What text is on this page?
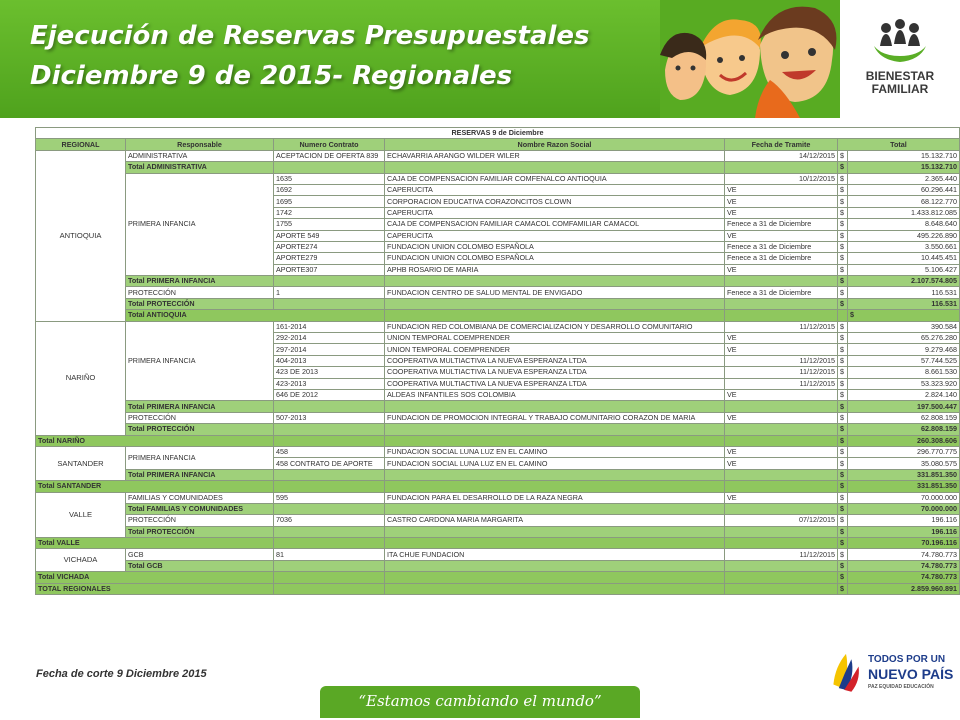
Ejecución de Reservas Presupuestales
Diciembre 9 de 2015- Regionales	BIENESTAR
FAMILIAR
RESERVAS 9 de Diciembre							
REGIONAL	Responsable	Numero Contrato	Nombre Razon Social	Fecha de Tramite	Total		
ANTIOQUIA	ADMINISTRATIVA	ACEPTACION DE OFERTA 839	ECHAVARRIA ARANGO WILDER WILER	14/12/2015	$	15.132.710	
	Total ADMINISTRATIVA				$	15.132.710	
	PRIMERA INFANCIA	1635	CAJA DE COMPENSACION FAMILIAR COMFENALCO ANTIOQUIA	10/12/2015	$	2.365.440	
		1692	CAPERUCITA	VE	$	60.296.441	
		1695	CORPORACION EDUCATIVA CORAZONCITOS CLOWN	VE	$	68.122.770	
		1742	CAPERUCITA	VE	$	1.433.812.085	
		1755	CAJA DE COMPENSACION FAMILIAR CAMACOL COMFAMILIAR CAMACOL	Fenece a 31 de Diciembre	$	8.648.640	
		APORTE 549	CAPERUCITA	VE	$	495.226.890	
		APORTE274	FUNDACION UNION COLOMBO ESPAÑOLA	Fenece a 31 de Diciembre	$	3.550.661	
		APORTE279	FUNDACION UNION COLOMBO ESPAÑOLA	Fenece a 31 de Diciembre	$	10.445.451	
		APORTE307	APHB ROSARIO DE MARIA	VE	$	5.106.427	
	Total PRIMERA INFANCIA				$	2.107.574.805	
	PROTECCIÓN	1	FUNDACION CENTRO DE SALUD MENTAL DE ENVIGADO	Fenece a 31 de Diciembre	$	116.531	
	Total PROTECCIÓN				$	116.531	
	Total ANTIOQUIA					$	
NARIÑO	PRIMERA INFANCIA	161-2014	FUNDACION RED COLOMBIANA DE COMERCIALIZACION Y DESARROLLO COMUNITARIO	11/12/2015	$	390.584	
		292-2014	UNION TEMPORAL COEMPRENDER	VE	$	65.276.280	
		297-2014	UNION TEMPORAL COEMPRENDER	VE	$	9.279.468	
		404-2013	COOPERATIVA MULTIACTIVA LA NUEVA ESPERANZA LTDA	11/12/2015	$	57.744.525	
		423 DE 2013	COOPERATIVA MULTIACTIVA LA NUEVA ESPERANZA LTDA	11/12/2015	$	8.661.530	
		423-2013	COOPERATIVA MULTIACTIVA LA NUEVA ESPERANZA LTDA	11/12/2015	$	53.323.920	
		646 DE 2012	ALDEAS INFANTILES SOS COLOMBIA	VE	$	2.824.140	
	Total PRIMERA INFANCIA				$	197.500.447	
	PROTECCIÓN	507-2013	FUNDACION DE PROMOCION INTEGRAL Y TRABAJO COMUNITARIO CORAZON DE MARIA	VE	$	62.808.159	
	Total PROTECCIÓN				$	62.808.159	
Total NARIÑO					$	260.308.606	
SANTANDER	PRIMERA INFANCIA	458	FUNDACION SOCIAL LUNA LUZ EN EL CAMINO	VE	$	296.770.775	
		458 CONTRATO DE APORTE	FUNDACION SOCIAL LUNA LUZ EN EL CAMINO	VE	$	35.080.575	
	Total PRIMERA INFANCIA				$	331.851.350	
Total SANTANDER					$	331.851.350	
VALLE	FAMILIAS Y COMUNIDADES	595	FUNDACION PARA EL DESARROLLO DE LA RAZA NEGRA	VE	$	70.000.000	
	Total FAMILIAS Y COMUNIDADES				$	70.000.000	
	PROTECCIÓN	7036	CASTRO CARDONA MARIA MARGARITA	07/12/2015	$	196.116	
	Total PROTECCIÓN				$	196.116	
Total VALLE					$	70.196.116	
VICHADA	GCB	81	ITA CHUE FUNDACION	11/12/2015	$	74.780.773	
	Total GCB				$	74.780.773	
Total VICHADA					$	74.780.773	
TOTAL REGIONALES					$	2.859.960.891	
Fecha de corte 9 Diciembre 2015
“Estamos cambiando el mundo”
TODOS POR UN
NUEVO PAÍS
PAZ EQUIDAD EDUCACIÓN
